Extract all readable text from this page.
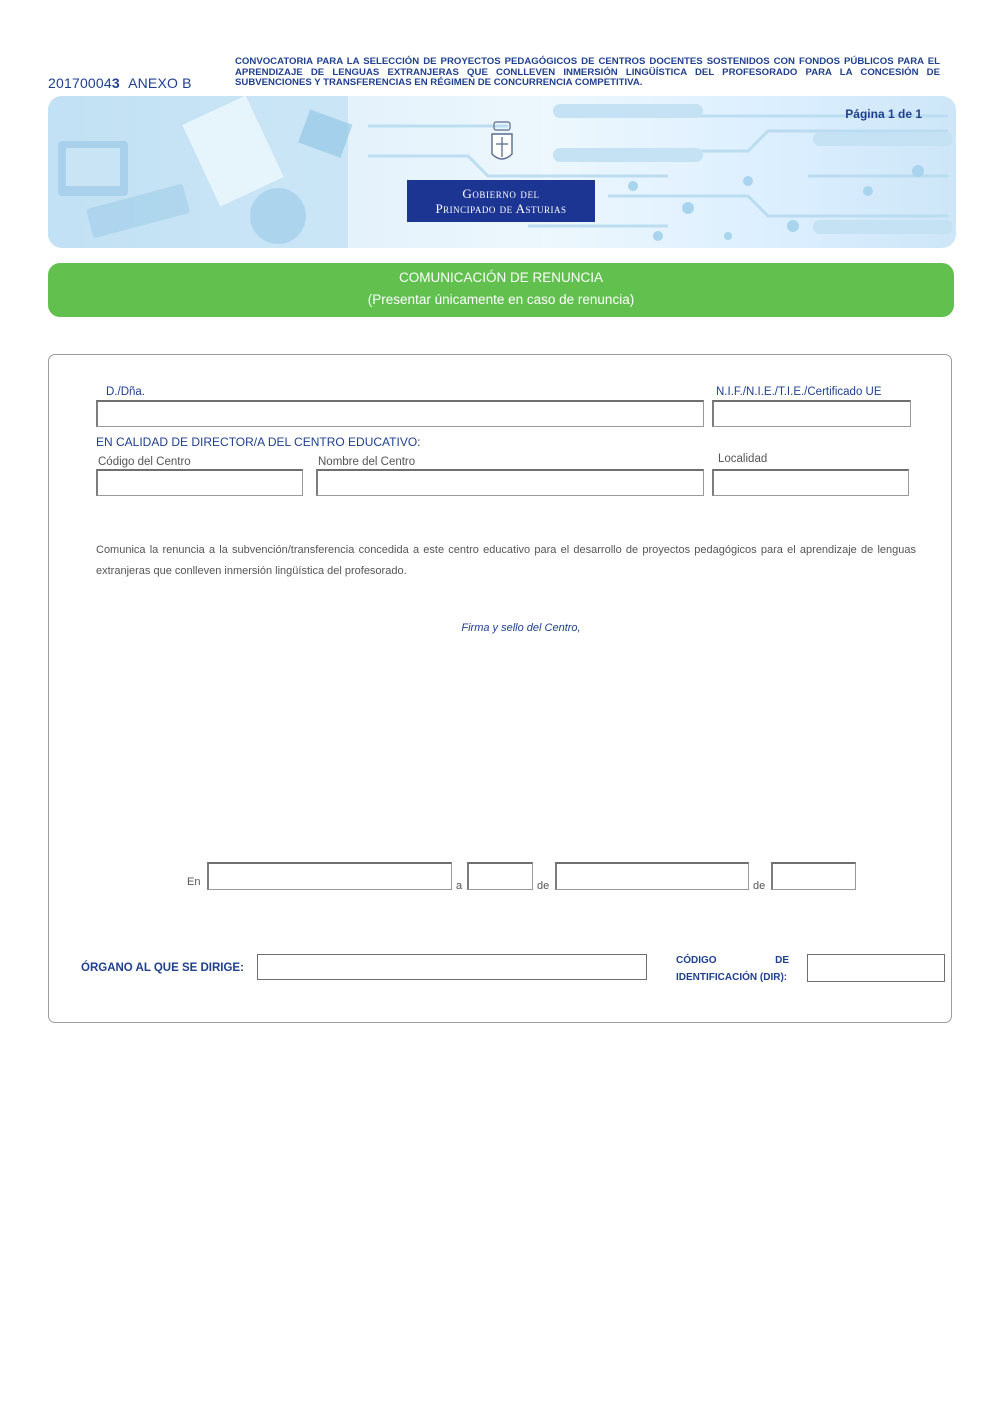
201700043 ANEXO B
CONVOCATORIA PARA LA SELECCIÓN DE PROYECTOS PEDAGÓGICOS DE CENTROS DOCENTES SOSTENIDOS CON FONDOS PÚBLICOS PARA EL APRENDIZAJE DE LENGUAS EXTRANJERAS QUE CONLLEVEN INMERSIÓN LINGÜÍSTICA DEL PROFESORADO PARA LA CONCESIÓN DE SUBVENCIONES Y TRANSFERENCIAS EN RÉGIMEN DE CONCURRENCIA COMPETITIVA.
Página 1 de 1
Gobierno del
Principado de Asturias
COMUNICACIÓN DE RENUNCIA
(Presentar únicamente en caso de renuncia)
D./Dña.	N.I.F./N.I.E./T.I.E./Certificado UE
EN CALIDAD DE DIRECTOR/A DEL CENTRO EDUCATIVO:
Código del Centro	Nombre del Centro	Localidad
Comunica la renuncia a la subvención/transferencia concedida a este centro educativo para el desarrollo de proyectos pedagógicos para el aprendizaje de lenguas extranjeras que conlleven inmersión lingüística del profesorado.
Firma y sello del Centro,
En	a	de	de
ÓRGANO AL QUE SE DIRIGE:
CÓDIGO DE
IDENTIFICACIÓN (DIR):
